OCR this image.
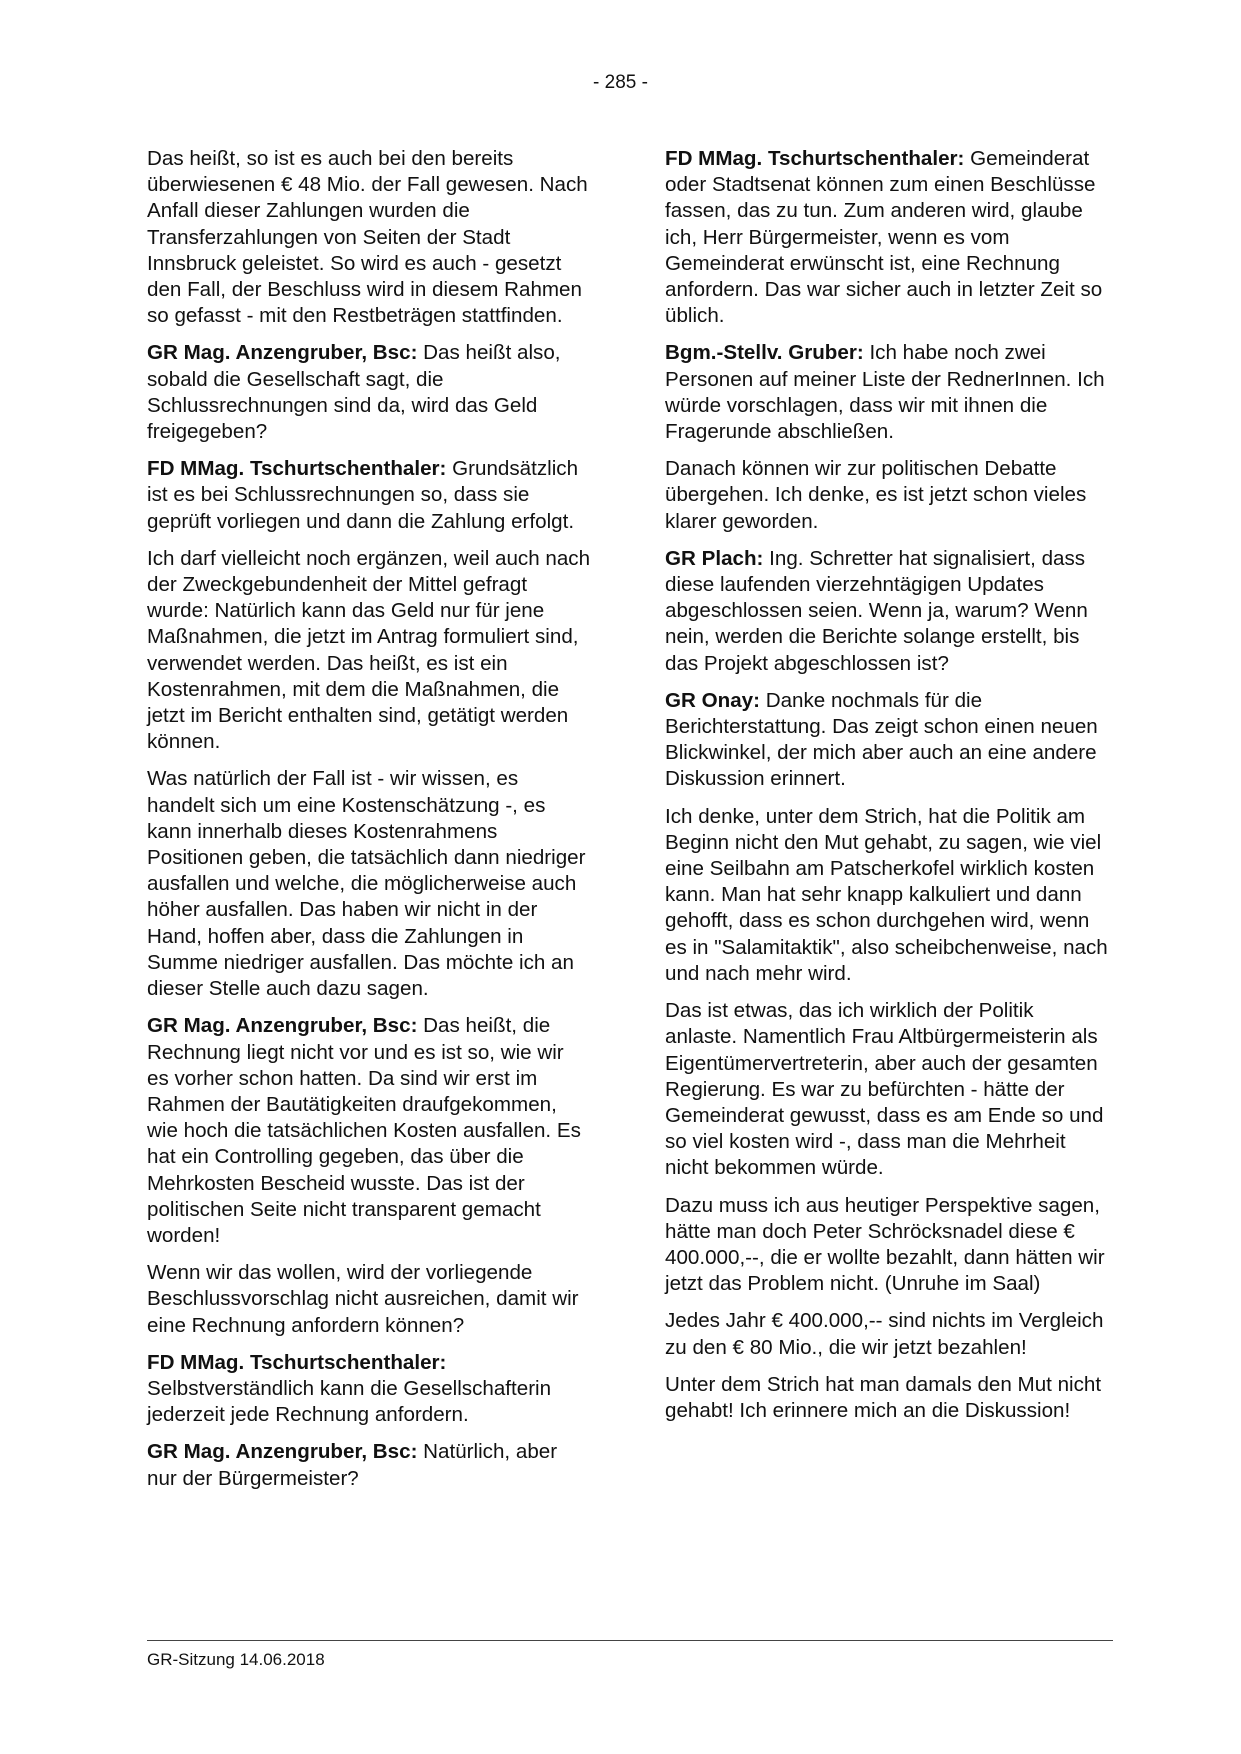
- 285 -

Das heißt, so ist es auch bei den bereits überwiesenen € 48 Mio. der Fall gewesen. Nach Anfall dieser Zahlungen wurden die Transferzahlungen von Seiten der Stadt Innsbruck geleistet. So wird es auch - gesetzt den Fall, der Beschluss wird in diesem Rahmen so gefasst - mit den Restbeträgen stattfinden.

GR Mag. Anzengruber, Bsc: Das heißt also, sobald die Gesellschaft sagt, die Schlussrechnungen sind da, wird das Geld freigegeben?

FD MMag. Tschurtschenthaler: Grundsätzlich ist es bei Schlussrechnungen so, dass sie geprüft vorliegen und dann die Zahlung erfolgt.

Ich darf vielleicht noch ergänzen, weil auch nach der Zweckgebundenheit der Mittel gefragt wurde: Natürlich kann das Geld nur für jene Maßnahmen, die jetzt im Antrag formuliert sind, verwendet werden. Das heißt, es ist ein Kostenrahmen, mit dem die Maßnahmen, die jetzt im Bericht enthalten sind, getätigt werden können.

Was natürlich der Fall ist - wir wissen, es handelt sich um eine Kostenschätzung -, es kann innerhalb dieses Kostenrahmens Positionen geben, die tatsächlich dann niedriger ausfallen und welche, die möglicherweise auch höher ausfallen. Das haben wir nicht in der Hand, hoffen aber, dass die Zahlungen in Summe niedriger ausfallen. Das möchte ich an dieser Stelle auch dazu sagen.

GR Mag. Anzengruber, Bsc: Das heißt, die Rechnung liegt nicht vor und es ist so, wie wir es vorher schon hatten. Da sind wir erst im Rahmen der Bautätigkeiten draufgekommen, wie hoch die tatsächlichen Kosten ausfallen. Es hat ein Controlling gegeben, das über die Mehrkosten Bescheid wusste. Das ist der politischen Seite nicht transparent gemacht worden!

Wenn wir das wollen, wird der vorliegende Beschlussvorschlag nicht ausreichen, damit wir eine Rechnung anfordern können?

FD MMag. Tschurtschenthaler: Selbstverständlich kann die Gesellschafterin jederzeit jede Rechnung anfordern.

GR Mag. Anzengruber, Bsc: Natürlich, aber nur der Bürgermeister?

FD MMag. Tschurtschenthaler: Gemeinderat oder Stadtsenat können zum einen Beschlüsse fassen, das zu tun. Zum anderen wird, glaube ich, Herr Bürgermeister, wenn es vom Gemeinderat erwünscht ist, eine Rechnung anfordern. Das war sicher auch in letzter Zeit so üblich.

Bgm.-Stellv. Gruber: Ich habe noch zwei Personen auf meiner Liste der RednerInnen. Ich würde vorschlagen, dass wir mit ihnen die Fragerunde abschließen.

Danach können wir zur politischen Debatte übergehen. Ich denke, es ist jetzt schon vieles klarer geworden.

GR Plach: Ing. Schretter hat signalisiert, dass diese laufenden vierzehntägigen Updates abgeschlossen seien. Wenn ja, warum? Wenn nein, werden die Berichte solange erstellt, bis das Projekt abgeschlossen ist?

GR Onay: Danke nochmals für die Berichterstattung. Das zeigt schon einen neuen Blickwinkel, der mich aber auch an eine andere Diskussion erinnert.

Ich denke, unter dem Strich, hat die Politik am Beginn nicht den Mut gehabt, zu sagen, wie viel eine Seilbahn am Patscherkofel wirklich kosten kann. Man hat sehr knapp kalkuliert und dann gehofft, dass es schon durchgehen wird, wenn es in "Salamitaktik", also scheibchenweise, nach und nach mehr wird.

Das ist etwas, das ich wirklich der Politik anlaste. Namentlich Frau Altbürgermeisterin als Eigentümervertreterin, aber auch der gesamten Regierung. Es war zu befürchten - hätte der Gemeinderat gewusst, dass es am Ende so und so viel kosten wird -, dass man die Mehrheit nicht bekommen würde.

Dazu muss ich aus heutiger Perspektive sagen, hätte man doch Peter Schröcksnadel diese € 400.000,--, die er wollte bezahlt, dann hätten wir jetzt das Problem nicht. (Unruhe im Saal)

Jedes Jahr € 400.000,-- sind nichts im Vergleich zu den € 80 Mio., die wir jetzt bezahlen!

Unter dem Strich hat man damals den Mut nicht gehabt! Ich erinnere mich an die Diskussion!

GR-Sitzung 14.06.2018
